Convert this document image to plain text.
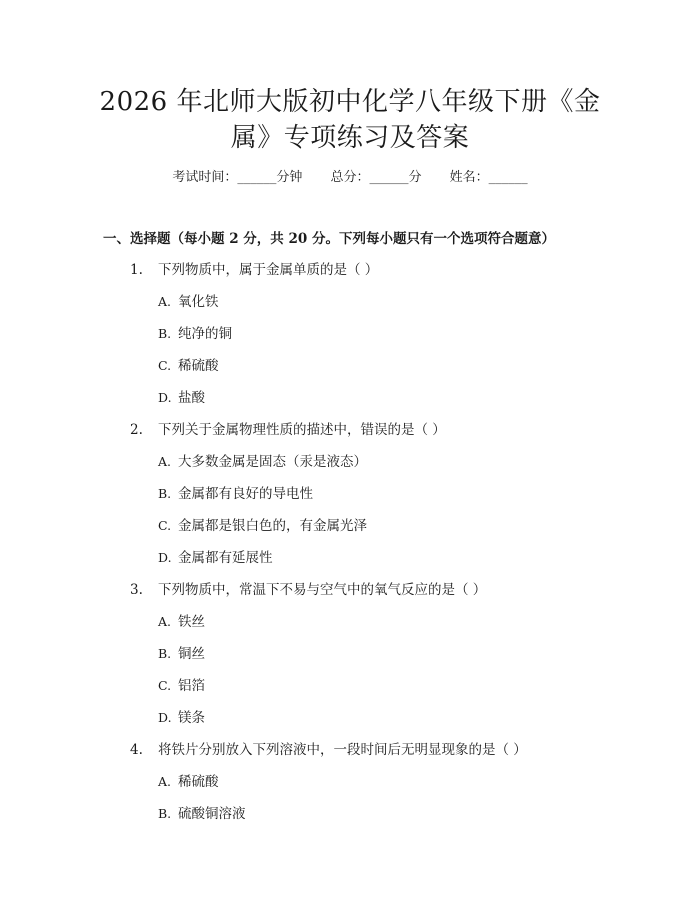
2026 年北师大版初中化学八年级下册《金
属》专项练习及答案
考试时间：______分钟 总分：______分 姓名：______
一、选择题（每小题 2 分，共 20 分。下列每小题只有一个选项符合题意）
1. 下列物质中，属于金属单质的是（ ）
A. 氧化铁
B. 纯净的铜
C. 稀硫酸
D. 盐酸
2. 下列关于金属物理性质的描述中，错误的是（ ）
A. 大多数金属是固态（汞是液态）
B. 金属都有良好的导电性
C. 金属都是银白色的，有金属光泽
D. 金属都有延展性
3. 下列物质中，常温下不易与空气中的氧气反应的是（ ）
A. 铁丝
B. 铜丝
C. 铝箔
D. 镁条
4. 将铁片分别放入下列溶液中，一段时间后无明显现象的是（ ）
A. 稀硫酸
B. 硫酸铜溶液
